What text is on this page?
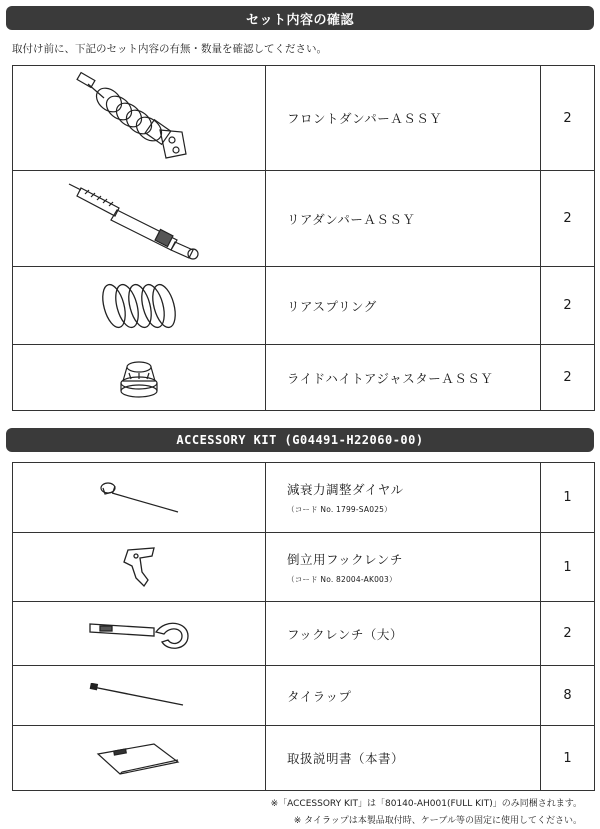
セット内容の確認
取付け前に、下記のセット内容の有無・数量を確認してください。
	フロントダンパーＡＳＳＹ	2

	リアダンパーＡＳＳＹ	2

	リアスプリング	2

	ライドハイトアジャスターＡＳＳＹ	2
ACCESSORY KIT (G04491-H22060-00)

減衰力調整ダイヤル
（コード No. 1799-SA025）	1

倒立用フックレンチ
（コード No. 82004-AK003）	1

	フックレンチ（大）	2

	タイラップ	8

	取扱説明書（本書）	1
※「ACCESSORY KIT」は「80140-AH001(FULL KIT)」のみ同梱されます。
※ タイラップは本製品取付時、ケーブル等の固定に使用してください。
